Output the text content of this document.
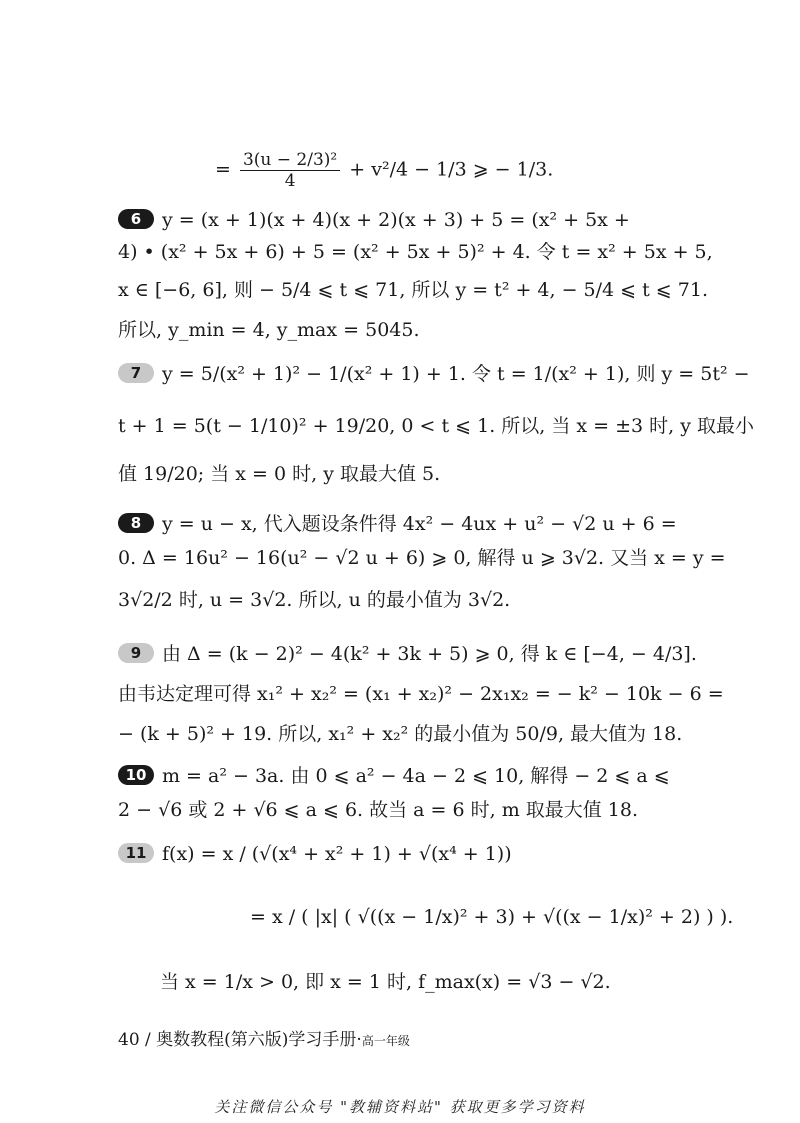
= $\frac{\text{3(u − 2/3)²}}{4} + v^2/4 - 1/3$ ⩾ − 1/3.
6 y = (x + 1)(x + 4)(x + 2)(x + 3) + 5 = (x² + 5x +
4) • (x² + 5x + 6) + 5 = (x² + 5x + 5)² + 4. 令 t = x² + 5x + 5,
x ∈ [−6, 6], 则 − 5/4 ⩽ t ⩽ 71, 所以 y = t² + 4, − 5/4 ⩽ t ⩽ 71.
所以, y_min = 4, y_max = 5045.
7 y = 5/(x² + 1)² − 1/(x² + 1) + 1. 令 t = 1/(x² + 1), 则 y = 5t² −
t + 1 = 5(t − 1/10)² + 19/20, 0 < t ⩽ 1. 所以, 当 x = ±3 时, y 取最小
值 19/20; 当 x = 0 时, y 取最大值 5.
8 y = u − x, 代入题设条件得 4x² − 4ux + u² − √2 u + 6 =
0. Δ = 16u² − 16(u² − √2 u + 6) ⩾ 0, 解得 u ⩾ 3√2. 又当 x = y =
3√2/2 时, u = 3√2. 所以, u 的最小值为 3√2.
9 由 Δ = (k − 2)² − 4(k² + 3k + 5) ⩾ 0, 得 k ∈ [−4, − 4/3].
由韦达定理可得 x₁² + x₂² = (x₁ + x₂)² − 2x₁x₂ = − k² − 10k − 6 =
− (k + 5)² + 19. 所以, x₁² + x₂² 的最小值为 50/9, 最大值为 18.
10 m = a² − 3a. 由 0 ⩽ a² − 4a − 2 ⩽ 10, 解得 − 2 ⩽ a ⩽
2 − √6 或 2 + √6 ⩽ a ⩽ 6. 故当 a = 6 时, m 取最大值 18.
11 f(x) = x / (√(x⁴ + x² + 1) + √(x⁴ + 1))
= x / ( |x| ( √((x − 1/x)² + 3) + √((x − 1/x)² + 2) ) ).
当 x = 1/x > 0, 即 x = 1 时, f_max(x) = √3 − √2.
40 / 奥数教程(第六版)学习手册·高一年级
关注微信公众号 "教辅资料站" 获取更多学习资料
